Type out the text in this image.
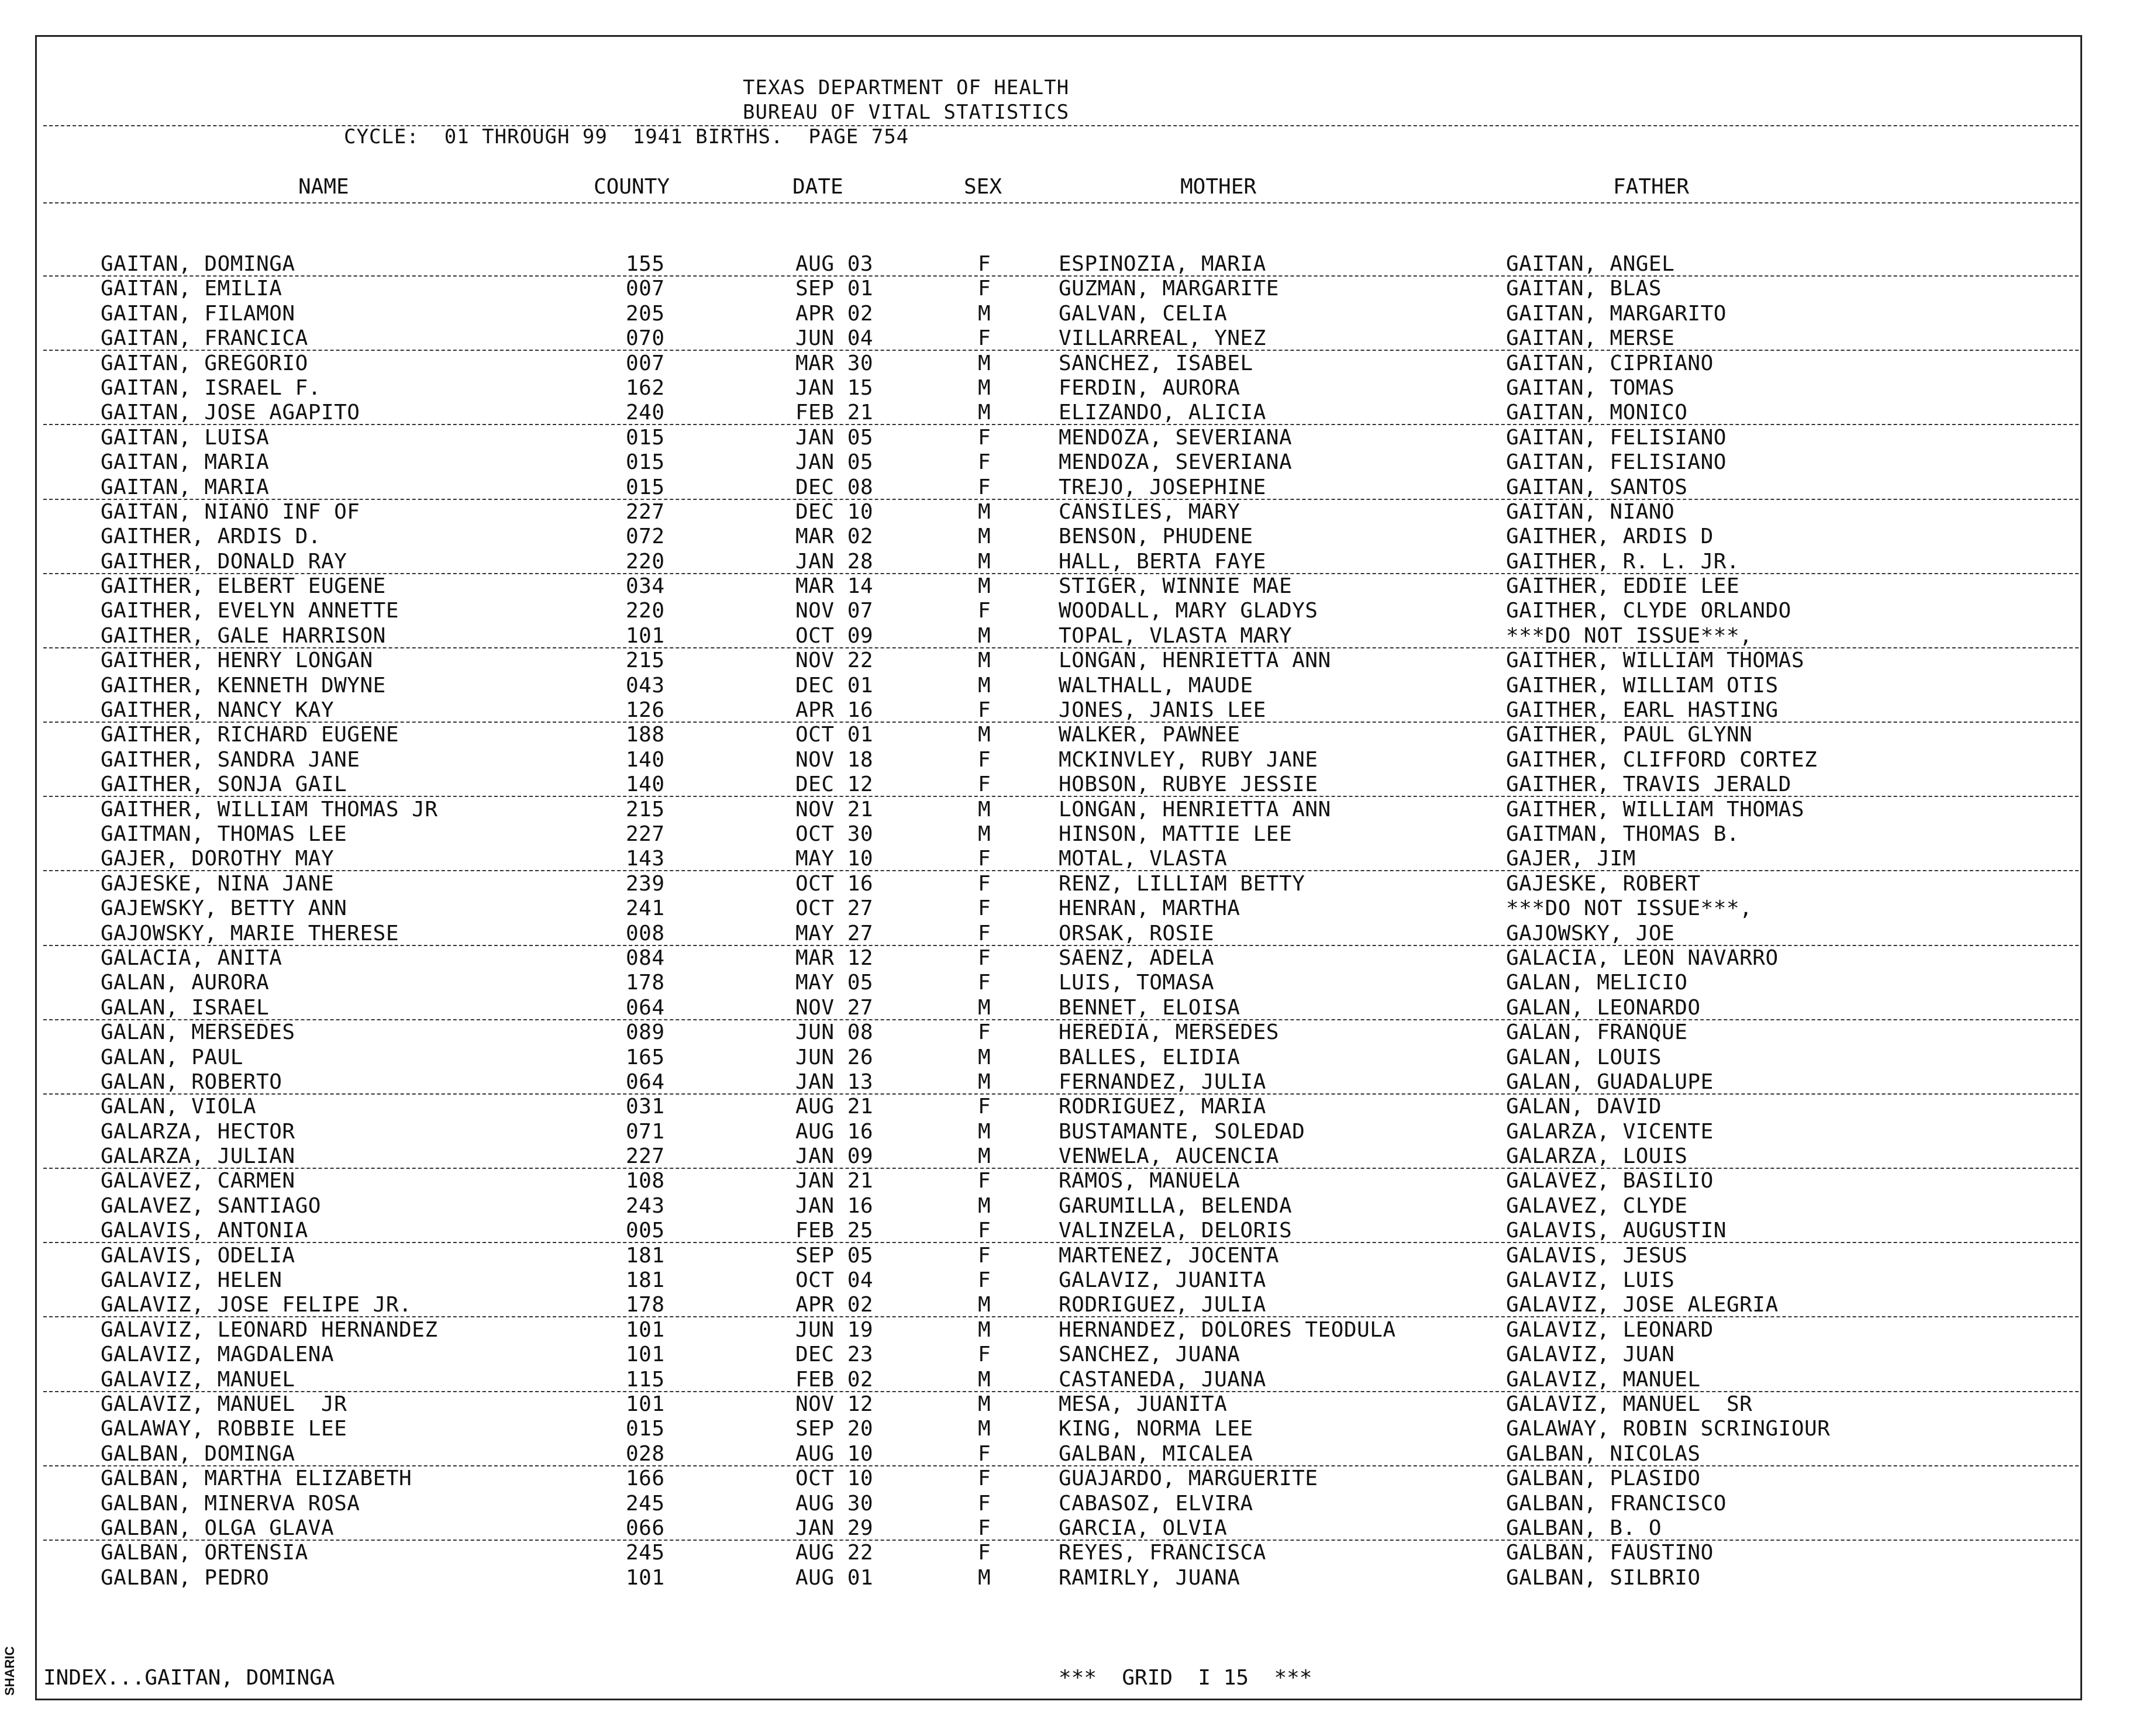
TEXAS DEPARTMENT OF HEALTH
BUREAU OF VITAL STATISTICS
CYCLE:  01 THROUGH 99  1941 BIRTHS.  PAGE 754
NAME	COUNTY	DATE	SEX	MOTHER	FATHER
GAITAN, DOMINGA	155	AUG 03	F	ESPINOZIA, MARIA	GAITAN, ANGEL
GAITAN, EMILIA	007	SEP 01	F	GUZMAN, MARGARITE	GAITAN, BLAS
GAITAN, FILAMON	205	APR 02	M	GALVAN, CELIA	GAITAN, MARGARITO
GAITAN, FRANCICA	070	JUN 04	F	VILLARREAL, YNEZ	GAITAN, MERSE
GAITAN, GREGORIO	007	MAR 30	M	SANCHEZ, ISABEL	GAITAN, CIPRIANO
GAITAN, ISRAEL F.	162	JAN 15	M	FERDIN, AURORA	GAITAN, TOMAS
GAITAN, JOSE AGAPITO	240	FEB 21	M	ELIZANDO, ALICIA	GAITAN, MONICO
GAITAN, LUISA	015	JAN 05	F	MENDOZA, SEVERIANA	GAITAN, FELISIANO
GAITAN, MARIA	015	JAN 05	F	MENDOZA, SEVERIANA	GAITAN, FELISIANO
GAITAN, MARIA	015	DEC 08	F	TREJO, JOSEPHINE	GAITAN, SANTOS
GAITAN, NIANO INF OF	227	DEC 10	M	CANSILES, MARY	GAITAN, NIANO
GAITHER, ARDIS D.	072	MAR 02	M	BENSON, PHUDENE	GAITHER, ARDIS D
GAITHER, DONALD RAY	220	JAN 28	M	HALL, BERTA FAYE	GAITHER, R. L. JR.
GAITHER, ELBERT EUGENE	034	MAR 14	M	STIGER, WINNIE MAE	GAITHER, EDDIE LEE
GAITHER, EVELYN ANNETTE	220	NOV 07	F	WOODALL, MARY GLADYS	GAITHER, CLYDE ORLANDO
GAITHER, GALE HARRISON	101	OCT 09	M	TOPAL, VLASTA MARY	***DO NOT ISSUE***,
GAITHER, HENRY LONGAN	215	NOV 22	M	LONGAN, HENRIETTA ANN	GAITHER, WILLIAM THOMAS
GAITHER, KENNETH DWYNE	043	DEC 01	M	WALTHALL, MAUDE	GAITHER, WILLIAM OTIS
GAITHER, NANCY KAY	126	APR 16	F	JONES, JANIS LEE	GAITHER, EARL HASTING
GAITHER, RICHARD EUGENE	188	OCT 01	M	WALKER, PAWNEE	GAITHER, PAUL GLYNN
GAITHER, SANDRA JANE	140	NOV 18	F	MCKINVLEY, RUBY JANE	GAITHER, CLIFFORD CORTEZ
GAITHER, SONJA GAIL	140	DEC 12	F	HOBSON, RUBYE JESSIE	GAITHER, TRAVIS JERALD
GAITHER, WILLIAM THOMAS JR	215	NOV 21	M	LONGAN, HENRIETTA ANN	GAITHER, WILLIAM THOMAS
GAITMAN, THOMAS LEE	227	OCT 30	M	HINSON, MATTIE LEE	GAITMAN, THOMAS B.
GAJER, DOROTHY MAY	143	MAY 10	F	MOTAL, VLASTA	GAJER, JIM
GAJESKE, NINA JANE	239	OCT 16	F	RENZ, LILLIAM BETTY	GAJESKE, ROBERT
GAJEWSKY, BETTY ANN	241	OCT 27	F	HENRAN, MARTHA	***DO NOT ISSUE***,
GAJOWSKY, MARIE THERESE	008	MAY 27	F	ORSAK, ROSIE	GAJOWSKY, JOE
GALACIA, ANITA	084	MAR 12	F	SAENZ, ADELA	GALACIA, LEON NAVARRO
GALAN, AURORA	178	MAY 05	F	LUIS, TOMASA	GALAN, MELICIO
GALAN, ISRAEL	064	NOV 27	M	BENNET, ELOISA	GALAN, LEONARDO
GALAN, MERSEDES	089	JUN 08	F	HEREDIA, MERSEDES	GALAN, FRANQUE
GALAN, PAUL	165	JUN 26	M	BALLES, ELIDIA	GALAN, LOUIS
GALAN, ROBERTO	064	JAN 13	M	FERNANDEZ, JULIA	GALAN, GUADALUPE
GALAN, VIOLA	031	AUG 21	F	RODRIGUEZ, MARIA	GALAN, DAVID
GALARZA, HECTOR	071	AUG 16	M	BUSTAMANTE, SOLEDAD	GALARZA, VICENTE
GALARZA, JULIAN	227	JAN 09	M	VENWELA, AUCENCIA	GALARZA, LOUIS
GALAVEZ, CARMEN	108	JAN 21	F	RAMOS, MANUELA	GALAVEZ, BASILIO
GALAVEZ, SANTIAGO	243	JAN 16	M	GARUMILLA, BELENDA	GALAVEZ, CLYDE
GALAVIS, ANTONIA	005	FEB 25	F	VALINZELA, DELORIS	GALAVIS, AUGUSTIN
GALAVIS, ODELIA	181	SEP 05	F	MARTENEZ, JOCENTA	GALAVIS, JESUS
GALAVIZ, HELEN	181	OCT 04	F	GALAVIZ, JUANITA	GALAVIZ, LUIS
GALAVIZ, JOSE FELIPE JR.	178	APR 02	M	RODRIGUEZ, JULIA	GALAVIZ, JOSE ALEGRIA
GALAVIZ, LEONARD HERNANDEZ	101	JUN 19	M	HERNANDEZ, DOLORES TEODULA	GALAVIZ, LEONARD
GALAVIZ, MAGDALENA	101	DEC 23	F	SANCHEZ, JUANA	GALAVIZ, JUAN
GALAVIZ, MANUEL	115	FEB 02	M	CASTANEDA, JUANA	GALAVIZ, MANUEL
GALAVIZ, MANUEL  JR	101	NOV 12	M	MESA, JUANITA	GALAVIZ, MANUEL  SR
GALAWAY, ROBBIE LEE	015	SEP 20	M	KING, NORMA LEE	GALAWAY, ROBIN SCRINGIOUR
GALBAN, DOMINGA	028	AUG 10	F	GALBAN, MICALEA	GALBAN, NICOLAS
GALBAN, MARTHA ELIZABETH	166	OCT 10	F	GUAJARDO, MARGUERITE	GALBAN, PLASIDO
GALBAN, MINERVA ROSA	245	AUG 30	F	CABASOZ, ELVIRA	GALBAN, FRANCISCO
GALBAN, OLGA GLAVA	066	JAN 29	F	GARCIA, OLVIA	GALBAN, B. O
GALBAN, ORTENSIA	245	AUG 22	F	REYES, FRANCISCA	GALBAN, FAUSTINO
GALBAN, PEDRO	101	AUG 01	M	RAMIRLY, JUANA	GALBAN, SILBRIO
INDEX...GAITAN, DOMINGA	***  GRID  I 15  ***
SHARIC
